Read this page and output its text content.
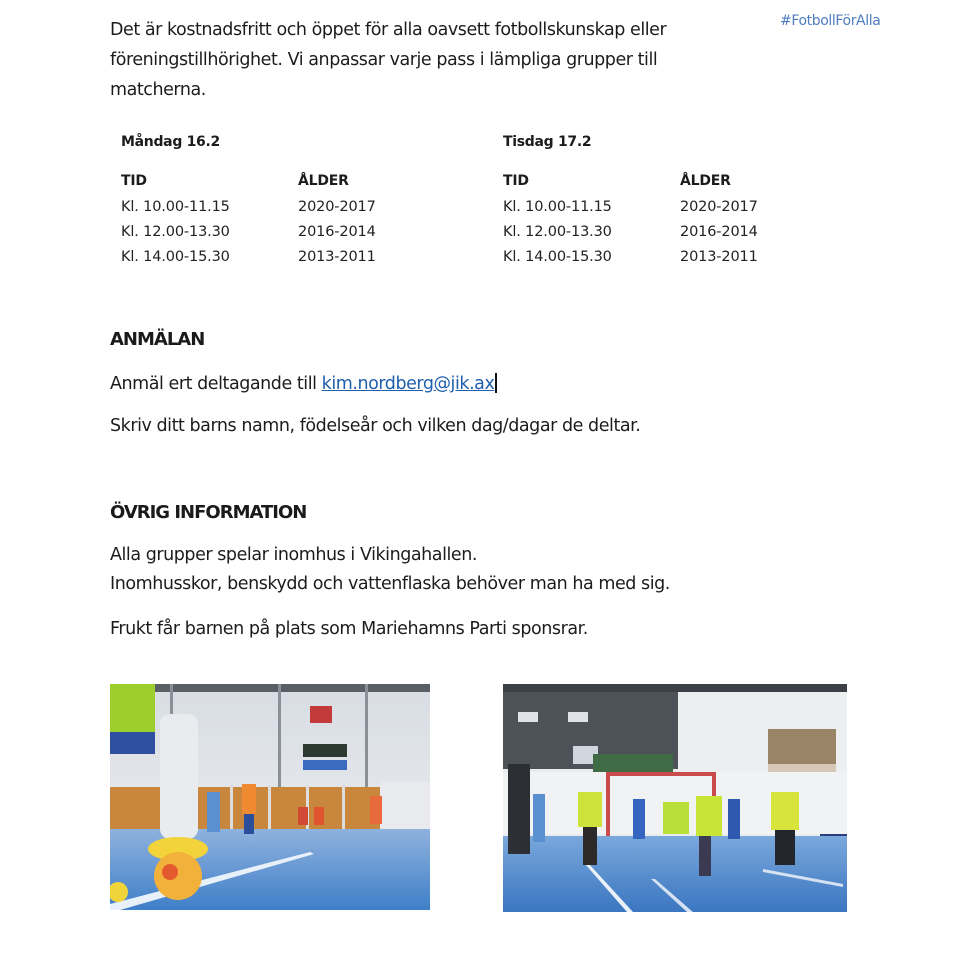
Det är kostnadsfritt och öppet för alla oavsett fotbollskunskap eller
föreningstillhörighet. Vi anpassar varje pass i lämpliga grupper till
matcherna.
#FotbollFörAlla
Måndag 16.2
TID	ÅLDER
Kl. 10.00-11.15	2020-2017
Kl. 12.00-13.30	2016-2014
Kl. 14.00-15.30	2013-2011
Tisdag 17.2
TID	ÅLDER
Kl. 10.00-11.15	2020-2017
Kl. 12.00-13.30	2016-2014
Kl. 14.00-15.30	2013-2011
ANMÄLAN
Anmäl ert deltagande till kim.nordberg@jik.ax
Skriv ditt barns namn, födelseår och vilken dag/dagar de deltar.
ÖVRIG INFORMATION
Alla grupper spelar inomhus i Vikingahallen.
Inomhusskor, benskydd och vattenflaska behöver man ha med sig.
Frukt får barnen på plats som Mariehamns Parti sponsrar.
